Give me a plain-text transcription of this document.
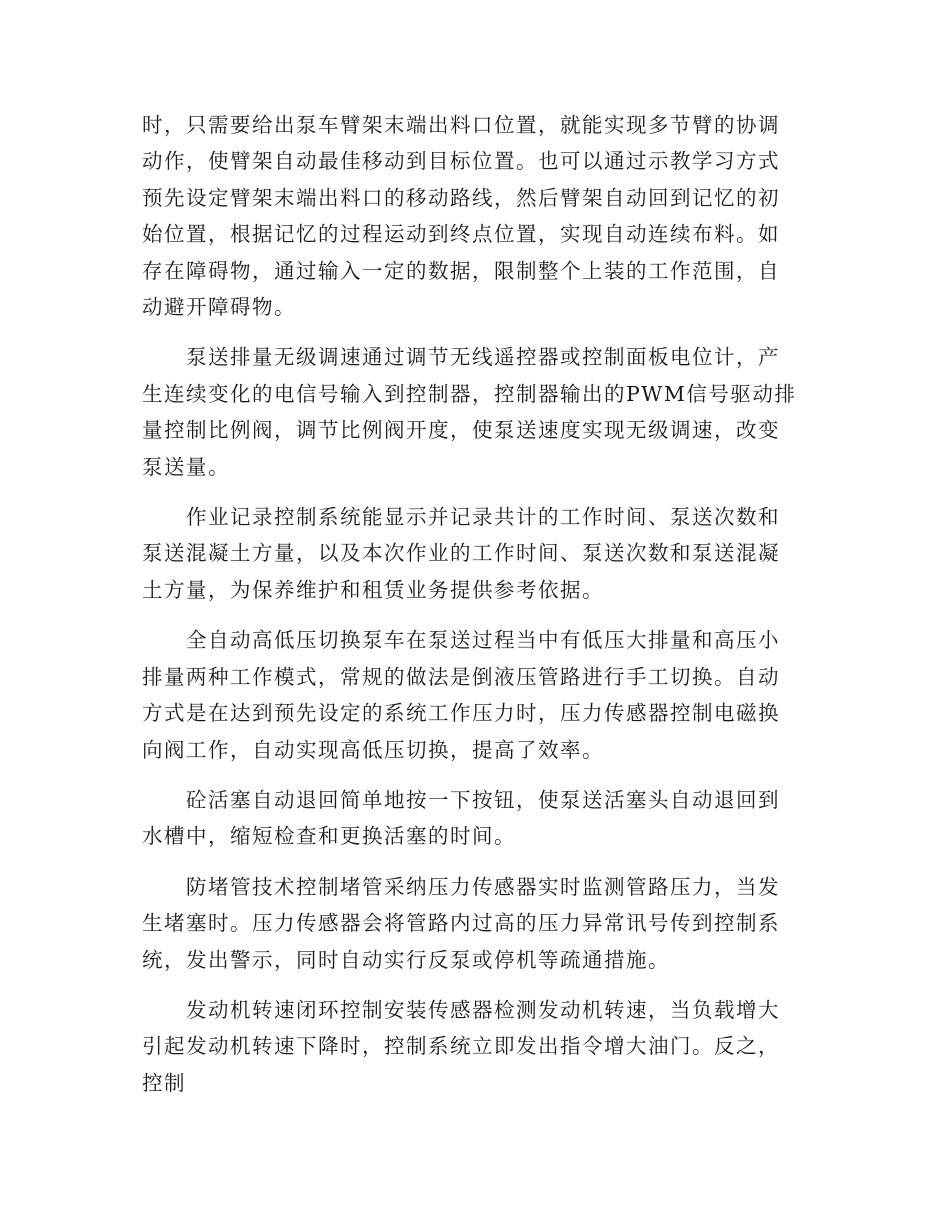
时，只需要给出泵车臂架末端出料口位置，就能实现多节臂的协调动作，使臂架自动最佳移动到目标位置。也可以通过示教学习方式预先设定臂架末端出料口的移动路线，然后臂架自动回到记忆的初始位置，根据记忆的过程运动到终点位置，实现自动连续布料。如存在障碍物，通过输入一定的数据，限制整个上装的工作范围，自动避开障碍物。

泵送排量无级调速通过调节无线遥控器或控制面板电位计，产生连续变化的电信号输入到控制器，控制器输出的PWM信号驱动排量控制比例阀，调节比例阀开度，使泵送速度实现无级调速，改变泵送量。

作业记录控制系统能显示并记录共计的工作时间、泵送次数和泵送混凝土方量，以及本次作业的工作时间、泵送次数和泵送混凝土方量，为保养维护和租赁业务提供参考依据。

全自动高低压切换泵车在泵送过程当中有低压大排量和高压小排量两种工作模式，常规的做法是倒液压管路进行手工切换。自动方式是在达到预先设定的系统工作压力时，压力传感器控制电磁换向阀工作，自动实现高低压切换，提高了效率。

砼活塞自动退回简单地按一下按钮，使泵送活塞头自动退回到水槽中，缩短检查和更换活塞的时间。

防堵管技术控制堵管采纳压力传感器实时监测管路压力，当发生堵塞时。压力传感器会将管路内过高的压力异常讯号传到控制系统，发出警示，同时自动实行反泵或停机等疏通措施。

发动机转速闭环控制安装传感器检测发动机转速，当负载增大引起发动机转速下降时，控制系统立即发出指令增大油门。反之，控制
